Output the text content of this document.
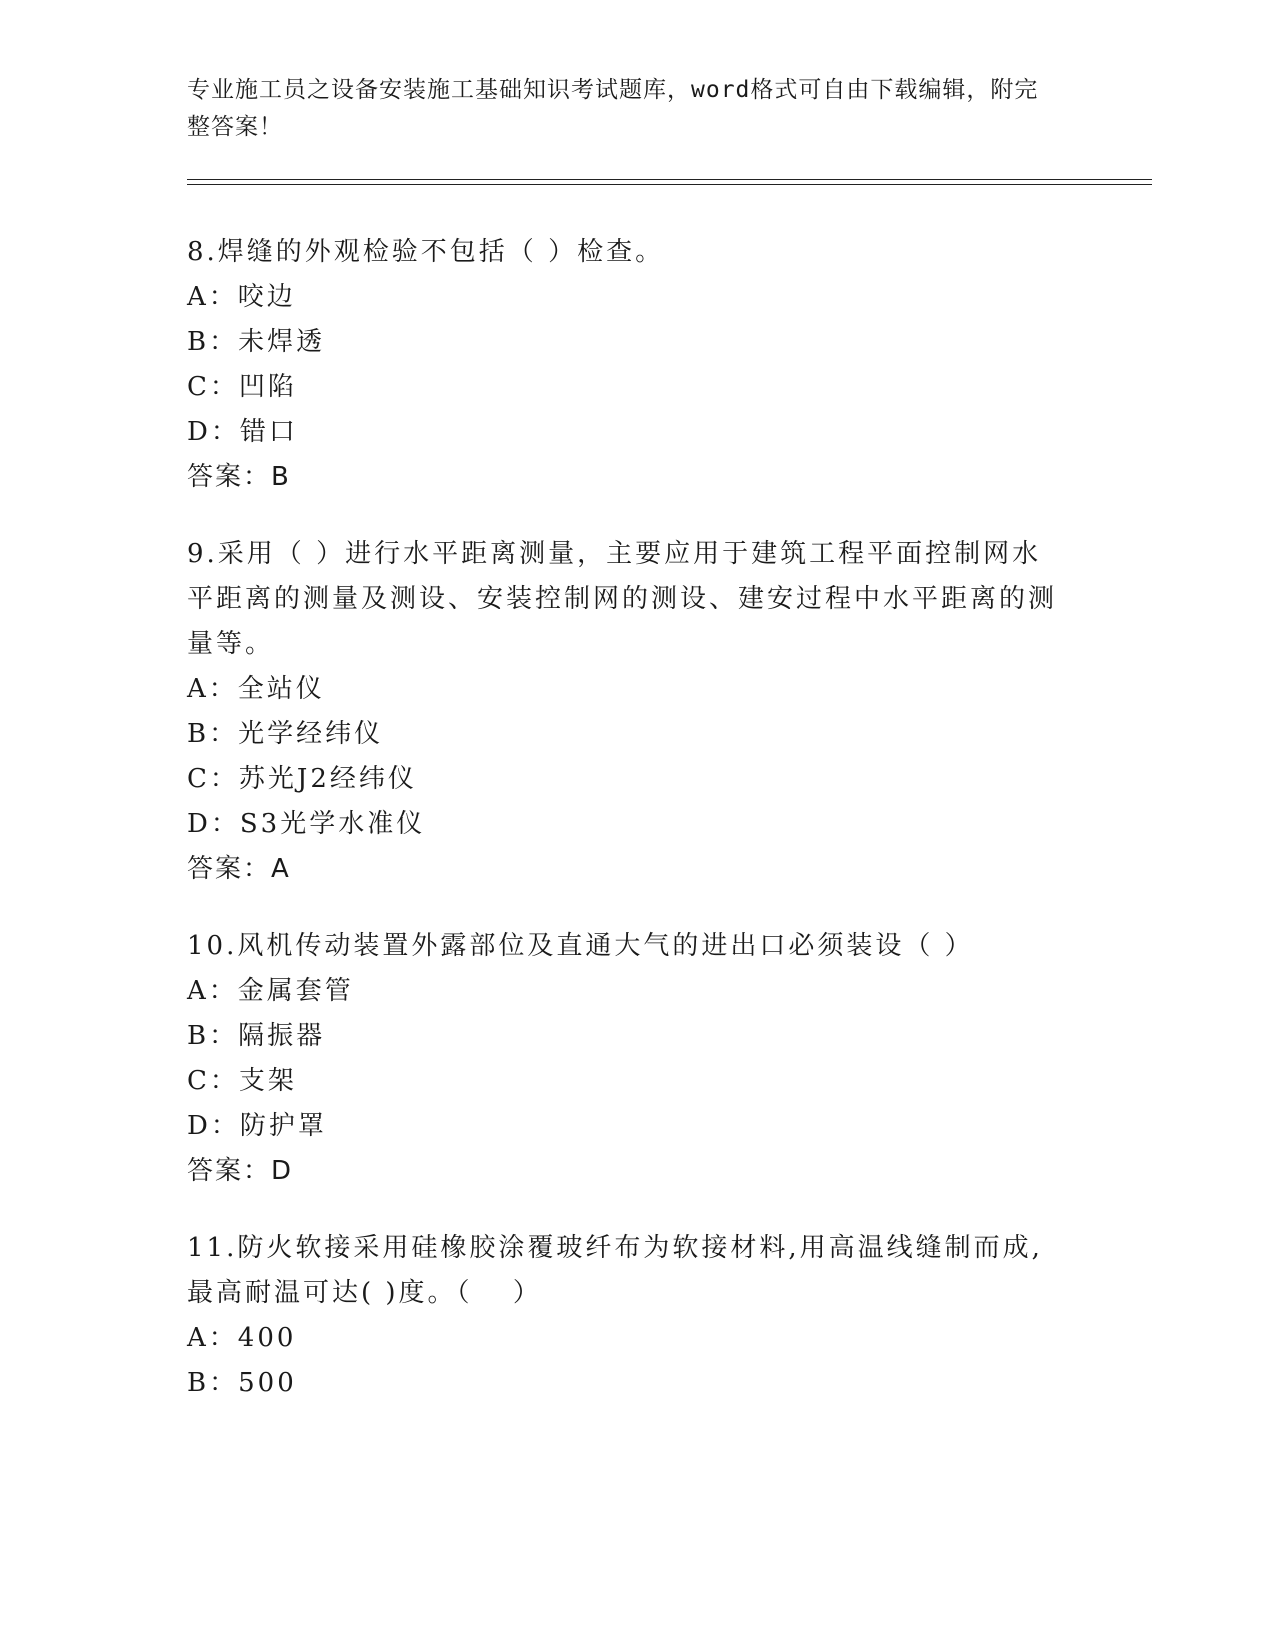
专业施工员之设备安装施工基础知识考试题库，word格式可自由下载编辑，附完
整答案！

8.焊缝的外观检验不包括（ ）检查。

A： 咬边
B： 未焊透
C： 凹陷
D： 错口

答案：B

9.采用（ ）进行水平距离测量，主要应用于建筑工程平面控制网水平距离的测量及测设、安装控制网的测设、建安过程中水平距离的测量等。

A： 全站仪
B： 光学经纬仪
C： 苏光J2经纬仪
D： S3光学水准仪

答案：A

10.风机传动装置外露部位及直通大气的进出口必须装设（ ）

A： 金属套管
B： 隔振器
C： 支架
D： 防护罩

答案：D

11.防火软接采用硅橡胶涂覆玻纤布为软接材料,用高温线缝制而成,最高耐温可达( )度。（　 ）

A： 400
B： 500
